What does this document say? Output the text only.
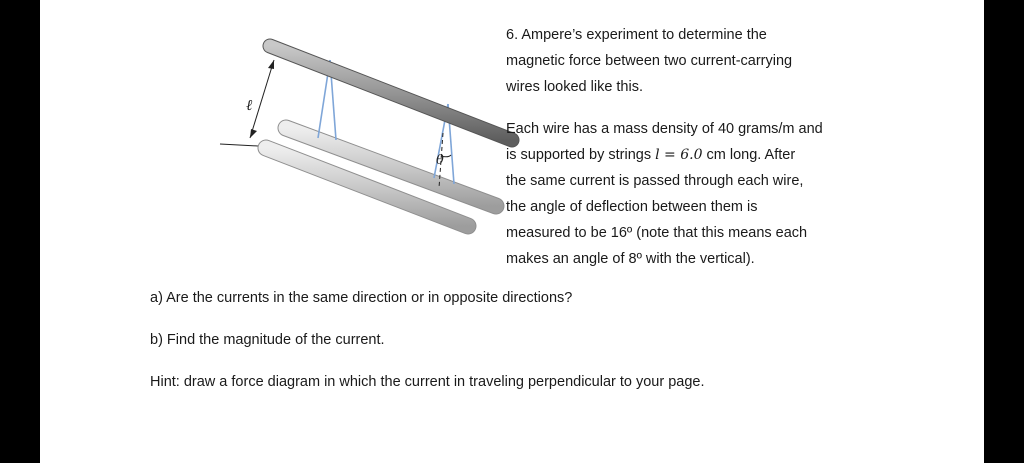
ℓ
θ
6. Ampere’s experiment to determine the
magnetic force between two current-carrying
wires looked like this.
Each wire has a mass density of 40 grams/m and
is supported by strings l = 6.0 cm long. After
the same current is passed through each wire,
the angle of deflection between them is
measured to be 16º (note that this means each
makes an angle of 8º with the vertical).
a) Are the currents in the same direction or in opposite directions?
b) Find the magnitude of the current.
Hint: draw a force diagram in which the current in traveling perpendicular to your page.
